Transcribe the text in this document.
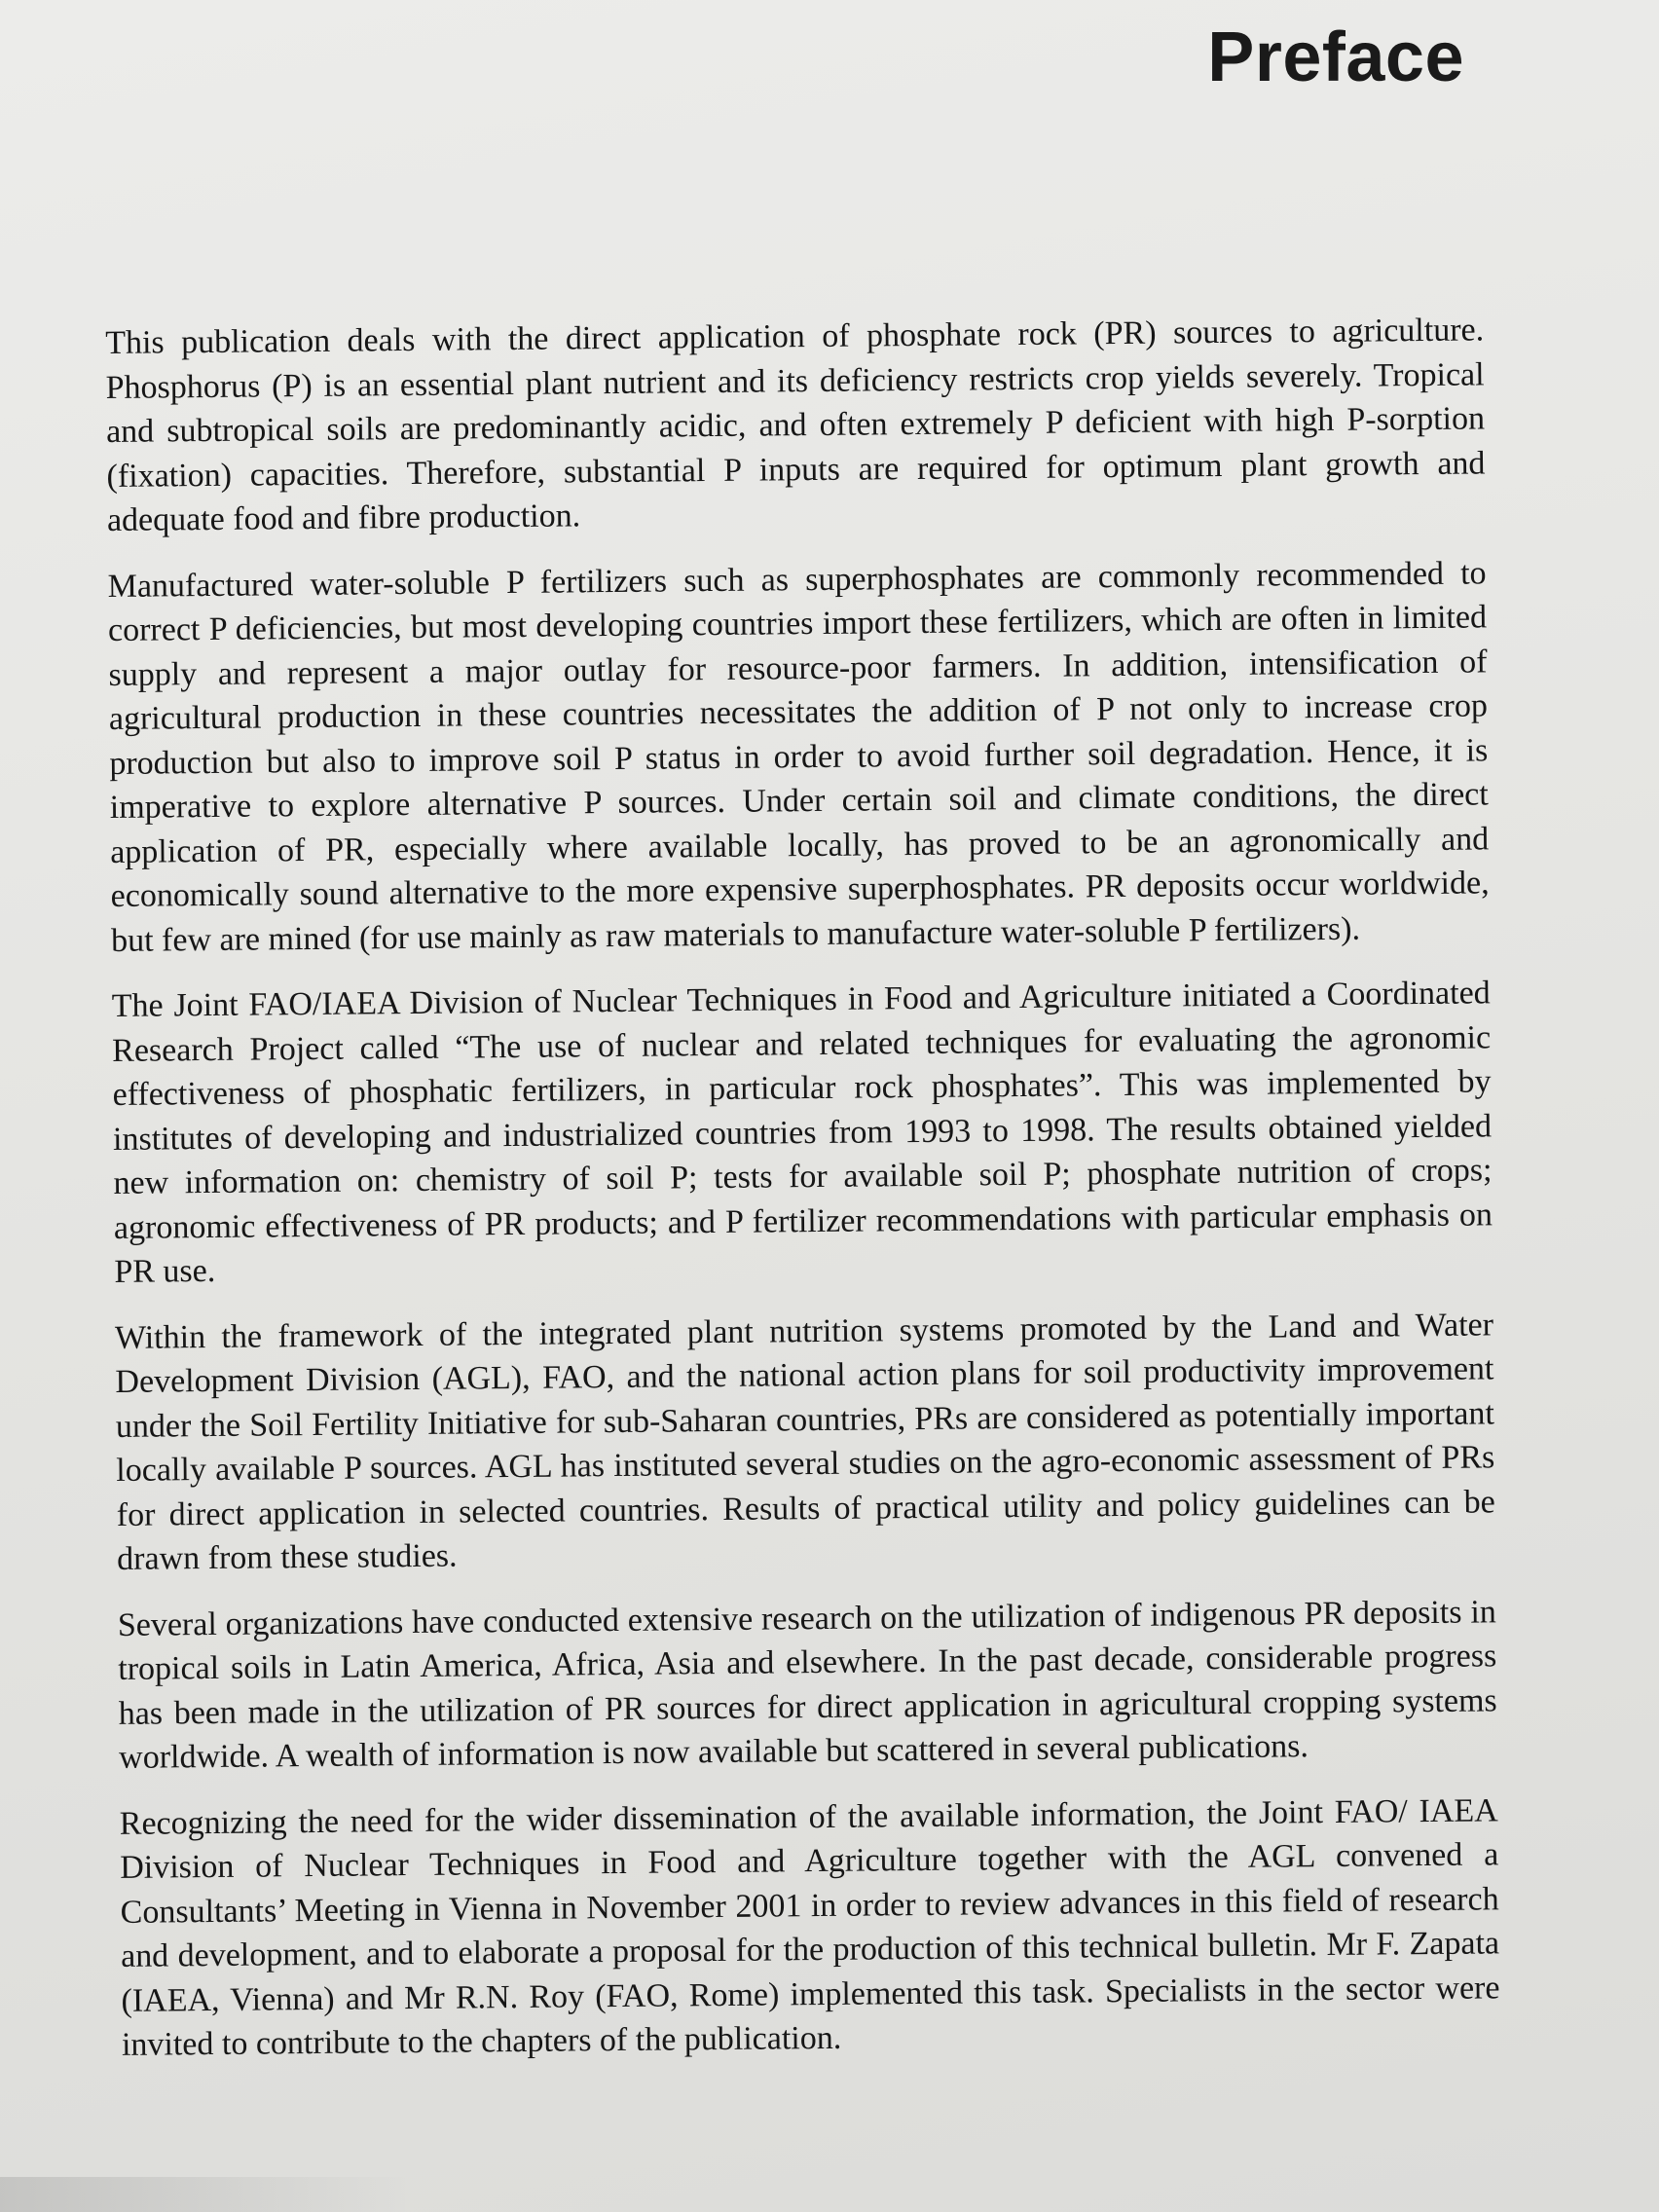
Preface

This publication deals with the direct application of phosphate rock (PR) sources to agriculture. Phosphorus (P) is an essential plant nutrient and its deficiency restricts crop yields severely. Tropical and subtropical soils are predominantly acidic, and often extremely P deficient with high P-sorption (fixation) capacities. Therefore, substantial P inputs are required for optimum plant growth and adequate food and fibre production.

Manufactured water-soluble P fertilizers such as superphosphates are commonly recommended to correct P deficiencies, but most developing countries import these fertilizers, which are often in limited supply and represent a major outlay for resource-poor farmers. In addition, intensification of agricultural production in these countries necessitates the addition of P not only to increase crop production but also to improve soil P status in order to avoid further soil degradation. Hence, it is imperative to explore alternative P sources. Under certain soil and climate conditions, the direct application of PR, especially where available locally, has proved to be an agronomically and economically sound alternative to the more expensive superphosphates. PR deposits occur worldwide, but few are mined (for use mainly as raw materials to manufacture water-soluble P fertilizers).

The Joint FAO/IAEA Division of Nuclear Techniques in Food and Agriculture initiated a Coordinated Research Project called “The use of nuclear and related techniques for evaluating the agronomic effectiveness of phosphatic fertilizers, in particular rock phosphates”. This was implemented by institutes of developing and industrialized countries from 1993 to 1998. The results obtained yielded new information on: chemistry of soil P; tests for available soil P; phosphate nutrition of crops; agronomic effectiveness of PR products; and P fertilizer recommendations with particular emphasis on PR use.

Within the framework of the integrated plant nutrition systems promoted by the Land and Water Development Division (AGL), FAO, and the national action plans for soil productivity improvement under the Soil Fertility Initiative for sub-Saharan countries, PRs are considered as potentially important locally available P sources. AGL has instituted several studies on the agro-economic assessment of PRs for direct application in selected countries. Results of practical utility and policy guidelines can be drawn from these studies.

Several organizations have conducted extensive research on the utilization of indigenous PR deposits in tropical soils in Latin America, Africa, Asia and elsewhere. In the past decade, considerable progress has been made in the utilization of PR sources for direct application in agricultural cropping systems worldwide. A wealth of information is now available but scattered in several publications.

Recognizing the need for the wider dissemination of the available information, the Joint FAO/ IAEA Division of Nuclear Techniques in Food and Agriculture together with the AGL convened a Consultants’ Meeting in Vienna in November 2001 in order to review advances in this field of research and development, and to elaborate a proposal for the production of this technical bulletin. Mr F. Zapata (IAEA, Vienna) and Mr R.N. Roy (FAO, Rome) implemented this task. Specialists in the sector were invited to contribute to the chapters of the publication.
